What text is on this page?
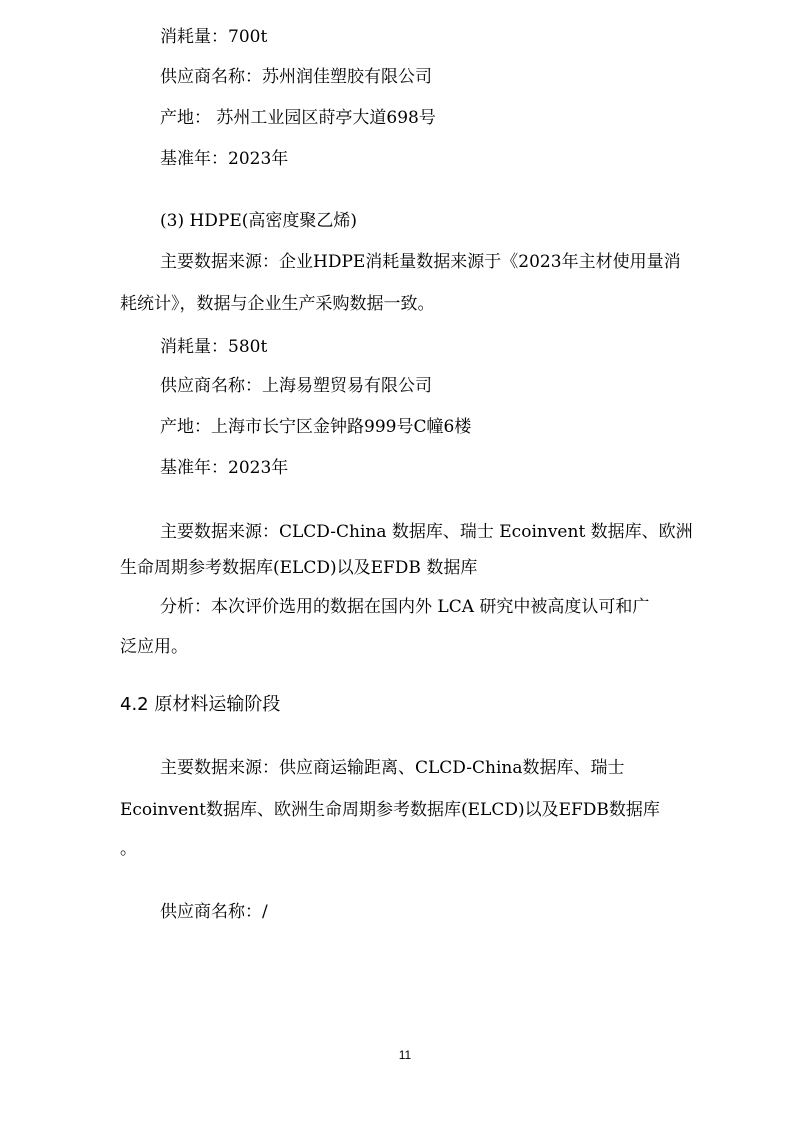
消耗量：700t
供应商名称：苏州润佳塑胶有限公司
产地： 苏州工业园区莳亭大道698号
基准年：2023年
(3) HDPE(高密度聚乙烯)
主要数据来源：企业HDPE消耗量数据来源于《2023年主材使用量消
耗统计》，数据与企业生产采购数据一致。
消耗量：580t
供应商名称：上海易塑贸易有限公司
产地：上海市长宁区金钟路999号C幢6楼
基准年：2023年
主要数据来源：CLCD-China 数据库、瑞士 Ecoinvent 数据库、欧洲
生命周期参考数据库(ELCD)以及EFDB 数据库
分析：本次评价选用的数据在国内外 LCA 研究中被高度认可和广
泛应用。
4.2 原材料运输阶段
主要数据来源：供应商运输距离、CLCD-China数据库、瑞士
Ecoinvent数据库、欧洲生命周期参考数据库(ELCD)以及EFDB数据库
。
供应商名称：/
11
